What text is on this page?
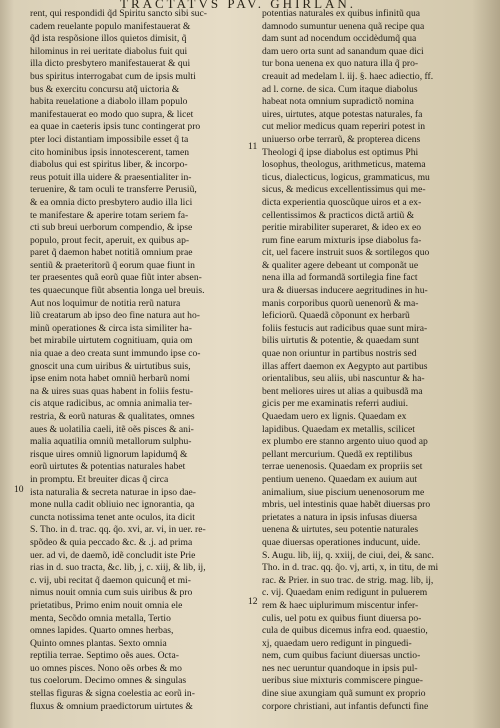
TRACTATVS PAV. GHIRLAN.
rent, qui respondidi q̃d Spiritu sancto sibi suc-
cadem reuelante populo manifestauerat &
q̃d ista respõsione illos quietos dimisit, q̃
hilominus in rei ueritate diabolus fuit qui
illa dicto presbytero manifestauerat & qui
bus spiritus interrogabat cum de ipsis multi
bus & exercitu concursu atq̃ uictoria &
habita reuelatione a diabolo illam populo
manifestauerat eo modo quo supra, & licet
ea quae in caeteris ipsis tunc contingerat pro
pter loci distantiam impossibile esset q̃ ta
cito hominibus ipsis innotescerent, tamen
diabolus qui est spiritus liber, & incorpo-
reus potuit illa uidere & praesentialiter in-
teruenire, & tam oculi te transferre Perusiũ,
& ea omnia dicto presbytero audio illa lici
te manifestare & aperire totam seriem fa-
cti sub breui uerborum compendio, & ipse
populo, prout fecit, aperuit, ex quibus ap-
paret q̃ daemon habet notitiã omnium prae
sentiũ & praeteritorũ q̃ eorum quae fiunt in
ter praesentes quã eorũ quae fiũt inter absen-
tes quaecunque fiũt absentia longa uel breuis.
Aut nos loquimur de notitia rerũ natura
liũ creatarum ab ipso deo fine natura aut ho-
minũ operationes & circa ista similiter ha-
bet mirabile uirtutem cognitiuam, quia om
nia quae a deo creata sunt immundo ipse co-
gnoscit una cum uiribus & uirtutibus suis,
ipse enim nota habet omniũ herbarũ nomi
na & uires suas quas habent in foliis festu-
cis atque radicibus, ac omnia animalia ter-
restria, & eorũ naturas & qualitates, omnes
aues & uolatilia caeli, itẽ oẽs pisces & ani-
malia aquatilia omniũ metallorum sulphu-
risque uires omniũ lignorum lapidumq̃ &
eorũ uirtutes & potentias naturales habet
in promptu. Et breuiter dicas q̃ circa
ista naturalia & secreta naturae in ipso dae-
mone nulla cadit obliuio nec ignorantia, qa
cuncta notissima tenet ante oculos, ita dicit
S. Tho. in d. trac. qq. q̃o. xvi, ar. vi, in uer. re-
spõdeo & quia peccado &c. & .j. ad prima
uer. ad vi, de daemõ, idẽ concludit iste Prie
rias in d. suo tracta, &c. lib, j, c. xiij, & lib, ij,
c. vij, ubi recitat q̃ daemon quicunq̃ et mi-
nimus nouit omnia cum suis uiribus & pro
prietatibus, Primo enim nouit omnia ele
menta, Secõdo omnia metalla, Tertio
omnes lapides. Quarto omnes herbas,
Quinto omnes plantas. Sexto omnia
reptilia terrae. Septimo oẽs aues. Octa-
uo omnes pisces. Nono oẽs orbes & mo
tus coelorum. Decimo omnes & singulas
stellas figuras & signa coelestia ac eorũ in-
fluxus & omnium praedictorum uirtutes &
potentias naturales ex quibus infinitũ qua
damnodo sumuntur uenena quã recipe qua
dam sunt ad nocendum occidèdumq̃ qua
dam uero orta sunt ad sanandum quae dici
tur bona uenena ex quo natura illa q̃ pro-
creauit ad medelam l. iij. §. haec adiectio, ff.
ad l. corne. de sica. Cum itaque diabolus
habeat nota omnium supradictõ nomina
uires, uirtutes, atque potestas naturales, fa
cut melior medicus quam reperiri potest in
uniuerso orbe terrarũ, & propterea dicens
Theologi q̃ ipse diabolus est optimus Phi
losophus, theologus, arithmeticus, matema
ticus, dialecticus, logicus, grammaticus, mu
sicus, & medicus excellentissimus qui me-
dicta experientia quoscũque uiros et a ex-
cellentissimos & practicos dictã artiũ &
peritie mirabiliter superaret, & ideo ex eo
rum fine earum mixturis ipse diabolus fa-
cit, uel facere instruit suos & sortilegos quo
& qualiter agere debeant ut componãt ue
nena illa ad formandã sortilegia fine fact
ura & diuersas inducere aegritudines in hu-
manis corporibus quorũ uenenorũ & ma-
leficiorũ. Quaedã cõponunt ex herbarũ
foliis festucis aut radicibus quae sunt mira-
bilis uirtutis & potentie, & quaedam sunt
quae non oriuntur in partibus nostris sed
illas affert daemon ex Aegypto aut partibus
orientalibus, seu aliis, ubi nascuntur & ha-
bent meliores uires ut alias a quibusdã ma
gicis per me examinatis referri audiui.
Quaedam uero ex lignis. Quaedam ex
lapidibus. Quaedam ex metallis, scilicet
ex plumbo ere stanno argento uiuo quod ap
pellant mercurium. Quedã ex reptilibus
terrae uenenosis. Quaedam ex propriis set
pentium ueneno. Quaedam ex auium aut
animalium, siue piscium uenenosorum me
mbris, uel intestinis quae habẽt diuersas pro
prietates a natura in ipsis infusas diuersa
uenena & uirtutes, seu potentie naturales
quae diuersas operationes inducunt, uide.
S. Augu. lib, iij, q. xxiij, de ciui, dei, & sanc.
Tho. in d. trac. qq. q̃o. vj, arti, x, in titu, de mi
rac. & Prier. in suo trac. de strig. mag. lib, ij,
c. vij. Quaedam enim redigunt in puluerem
rem & haec uiplurimum miscentur infer-
culis, uel potu ex quibus fiunt diuersa po-
cula de quibus dicemus infra eod. quaestio,
xj, quaedam uero redigunt in pinguedi-
nem, cum quibus faciunt diuersas unctio-
nes nec ueruntur quandoque in ipsis pul-
ueribus siue mixturis commiscere pingue-
dine siue axungiam quã sumunt ex proprio
corpore christiani, aut infantis defuncti fine
11
10
12
